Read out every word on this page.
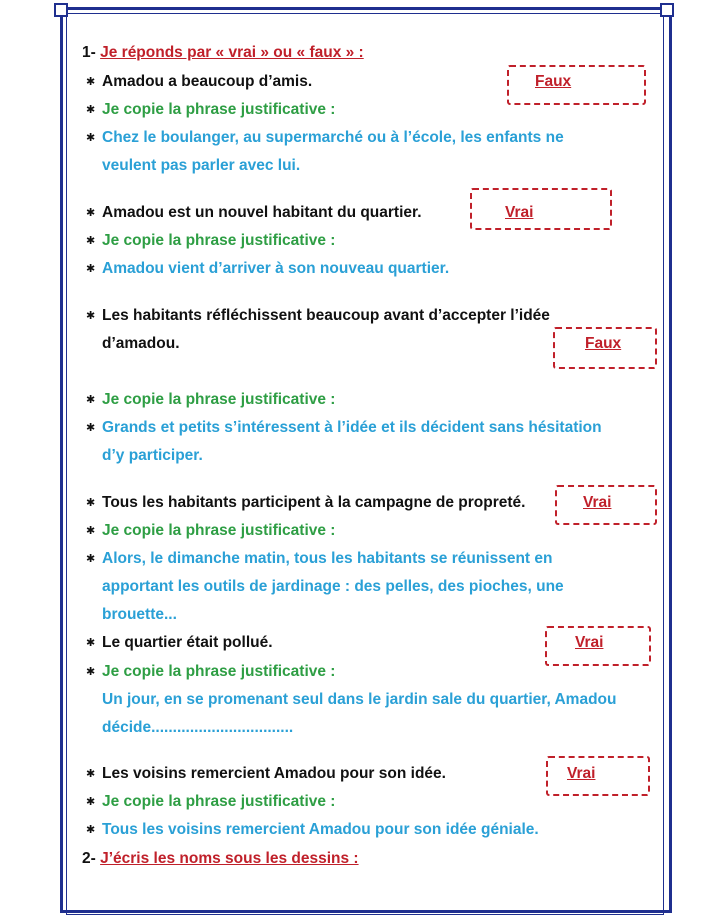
1- Je réponds par « vrai » ou « faux » :
✱ Amadou a beaucoup d’amis.	Faux
✱ Je copie la phrase justificative :
✱ Chez le boulanger, au supermarché ou à l’école, les enfants ne
veulent pas parler avec lui.
✱ Amadou est un nouvel habitant du quartier.	Vrai
✱ Je copie la phrase justificative :
✱ Amadou vient d’arriver à son nouveau quartier.
✱ Les habitants réfléchissent beaucoup avant d’accepter l’idée
d’amadou.	Faux
✱ Je copie la phrase justificative :
✱ Grands et petits s’intéressent à l’idée et ils décident sans hésitation
d’y participer.
✱ Tous les habitants participent à la campagne de propreté.	Vrai
✱ Je copie la phrase justificative :
✱ Alors, le dimanche matin, tous les habitants se réunissent en
apportant les outils de jardinage : des pelles, des pioches, une
brouette...
✱ Le quartier était pollué.	Vrai
✱ Je copie la phrase justificative :
Un jour, en se promenant seul dans le jardin sale du quartier, Amadou
décide.................................
✱ Les voisins remercient Amadou pour son idée.	Vrai
✱ Je copie la phrase justificative :
✱ Tous les voisins remercient Amadou pour son idée géniale.
2- J’écris les noms sous les dessins :
